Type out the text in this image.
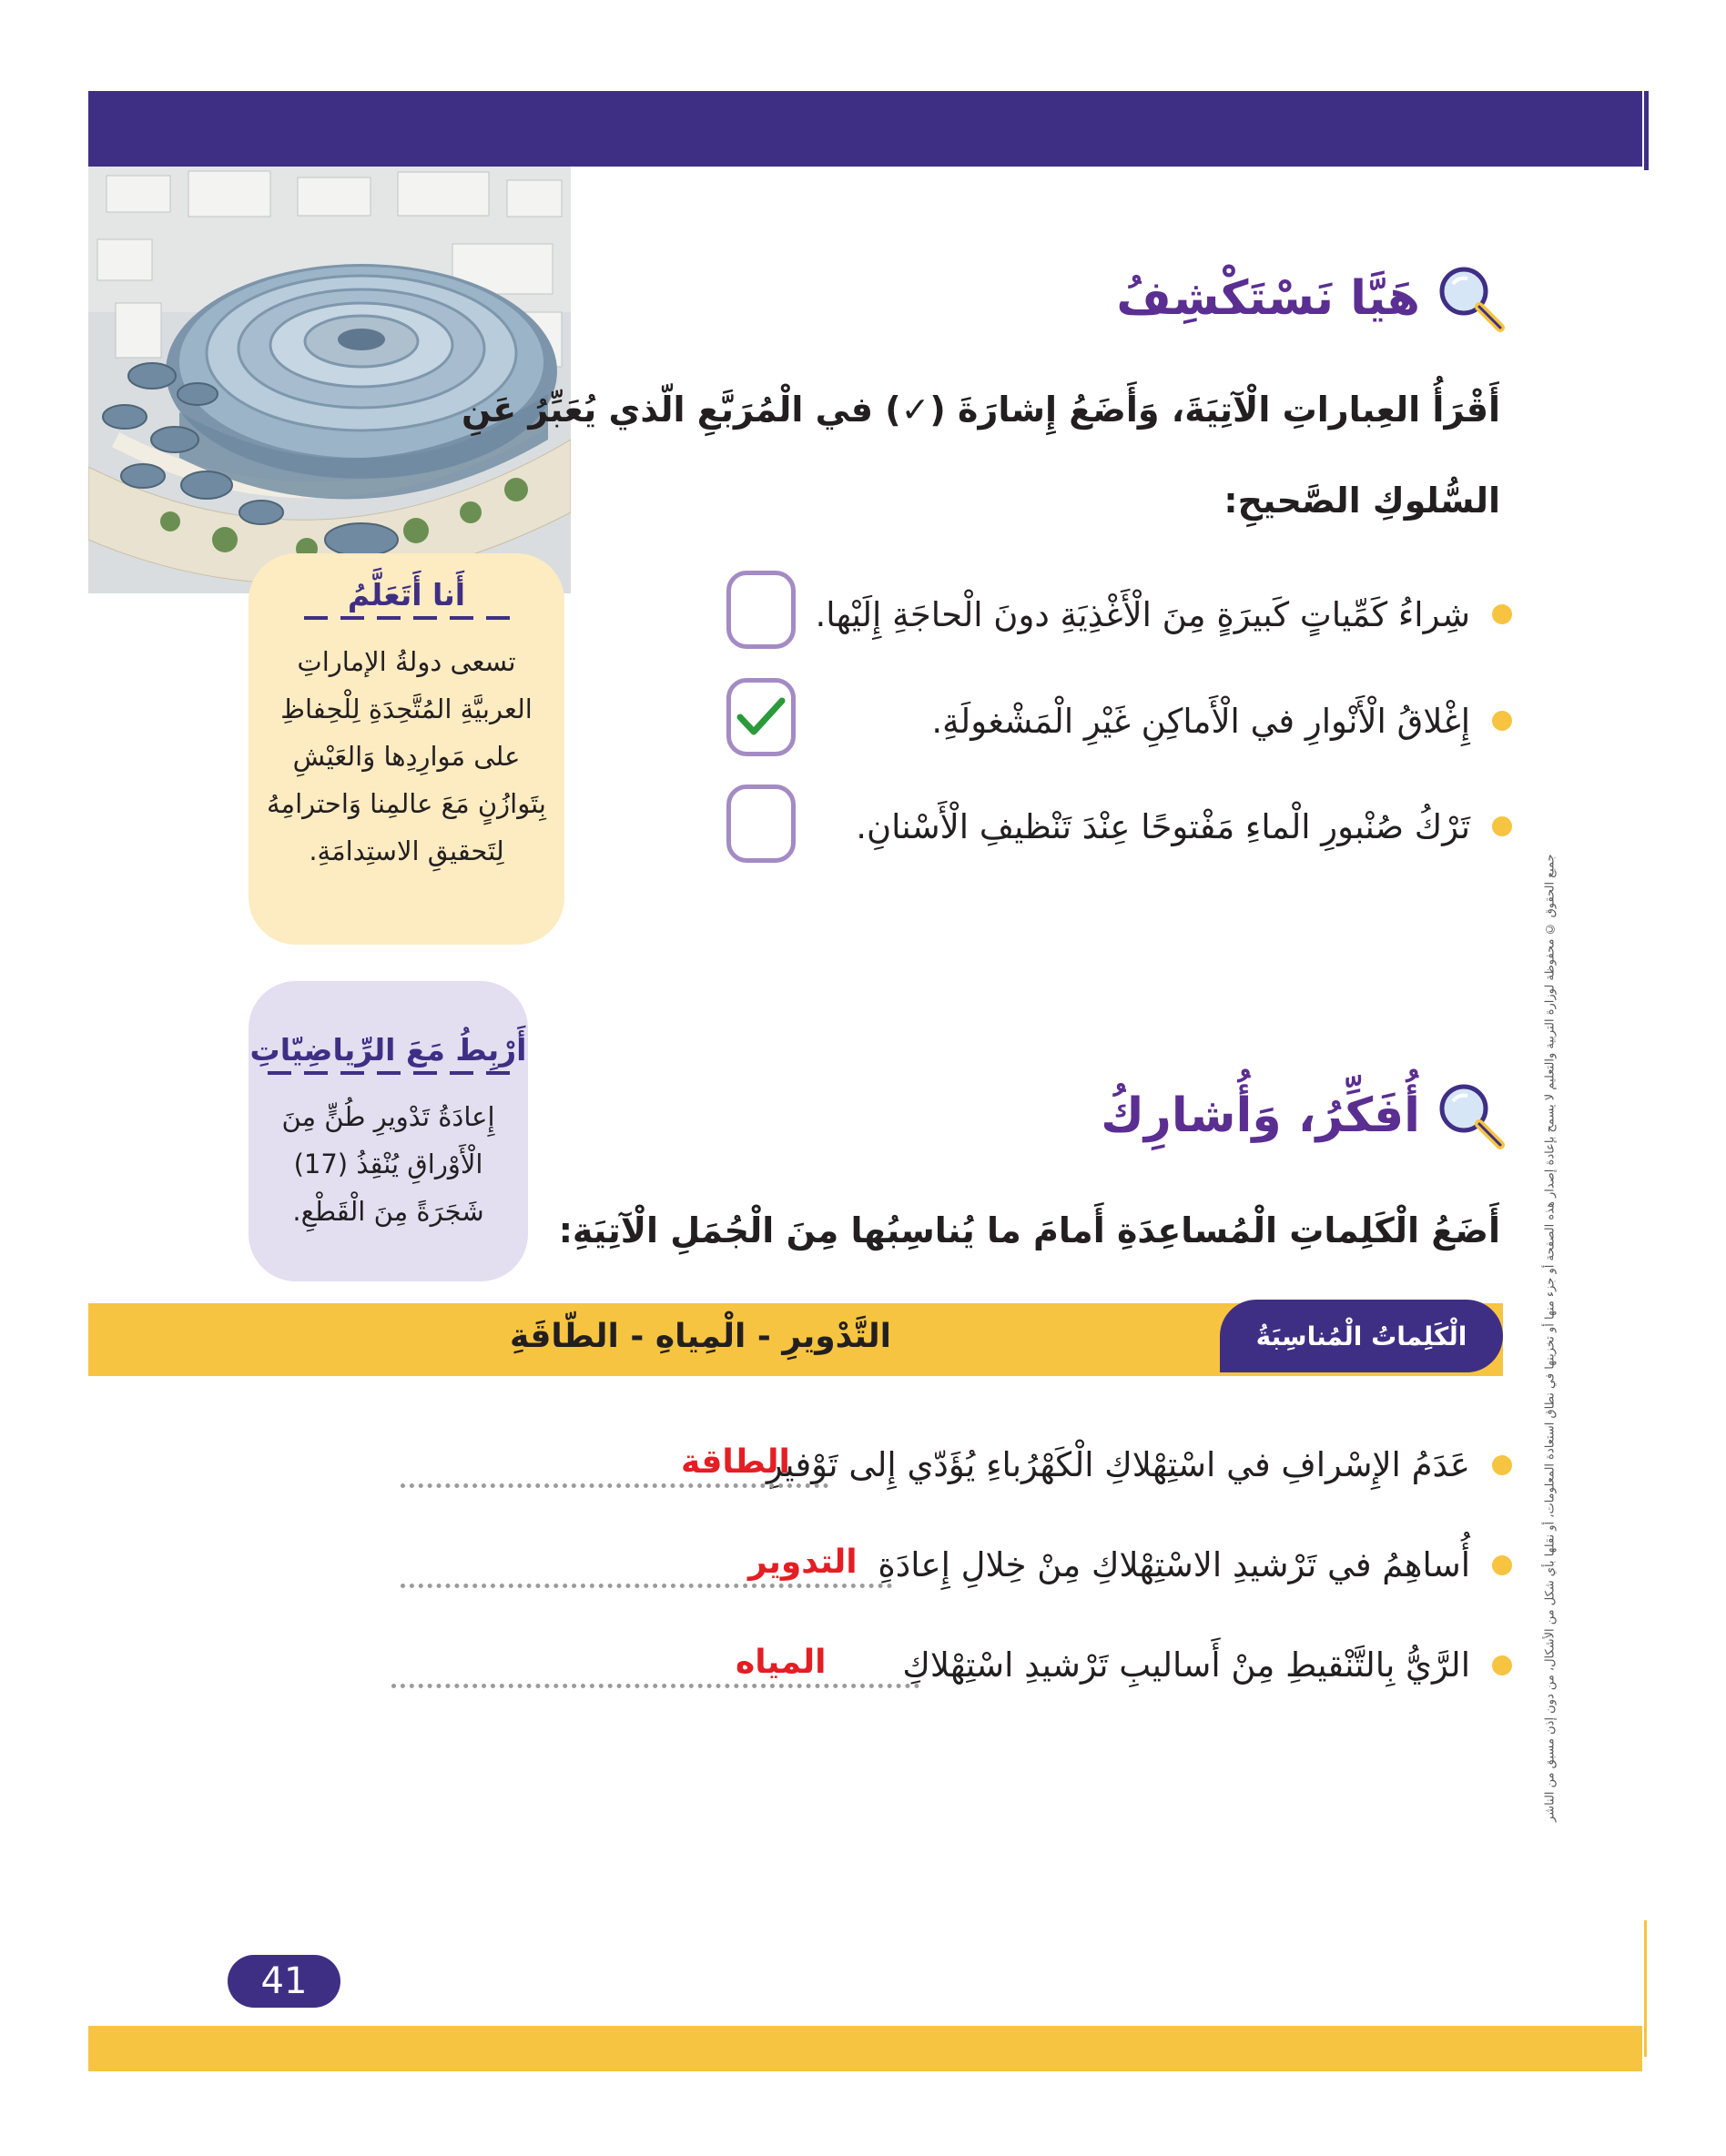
هَيَّا نَسْتَكْشِفُ
أَقْرَأُ العِباراتِ الْآتِيَةَ، وَأَضَعُ إِشارَةَ (✓) في الْمُرَبَّعِ الّذي يُعَبِّرُ عَنِ
السُّلوكِ الصَّحيحِ:
شِراءُ كَمِّياتٍ كَبيرَةٍ مِنَ الْأَغْذِيَةِ دونَ الْحاجَةِ إِلَيْها.
إِغْلاقُ الْأَنْوارِ في الْأَماكِنِ غَيْرِ الْمَشْغولَةِ.
تَرْكُ صُنْبورِ الْماءِ مَفْتوحًا عِنْدَ تَنْظيفِ الْأَسْنانِ.
أَنا أَتَعَلَّمُ
تسعى دولةُ الإماراتِ
العربيَّةِ المُتَّحِدَةِ لِلْحِفاظِ
على مَوارِدِها وَالعَيْشِ
بِتَوازُنٍ مَعَ عالمِنا وَاحترامِهُ
لِتَحقيقِ الاستِدامَةِ.
أَرْبِطُ مَعَ الرِّياضِيّاتِ
إِعادَةُ تَدْويرِ طُنٍّ مِنَ
الْأَوْراقِ يُنْقِذُ (17)
شَجَرَةً مِنَ الْقَطْعِ.
أُفَكِّرُ، وَأُشارِكُ
أَضَعُ الْكَلِماتِ الْمُساعِدَةِ أَمامَ ما يُناسِبُها مِنَ الْجُمَلِ الْآتِيَةِ:
الْكَلِماتُ الْمُناسِبَةُ
التَّدْويرِ - الْمِياهِ - الطّاقَةِ
عَدَمُ الإِسْرافِ في اسْتِهْلاكِ الْكَهْرُباءِ يُؤَدّي إِلى تَوْفيرِ
الطاقة
أُساهِمُ في تَرْشيدِ الاسْتِهْلاكِ مِنْ خِلالِ إِعادَةِ
التدوير
الرَّيُّ بِالتَّنْقيطِ مِنْ أَساليبِ تَرْشيدِ اسْتِهْلاكِ
المياه	جميع الحقوق © محفوظة لوزارة التربية والتعليم لا يسمح بإعادة إصدار هذه الصفحة أو جزء منها أو تخزينها في نطاق استعادة المعلومات، أو نقلها بأي شكل من الأشكال، من دون إذن مسبق من الناشر
41
